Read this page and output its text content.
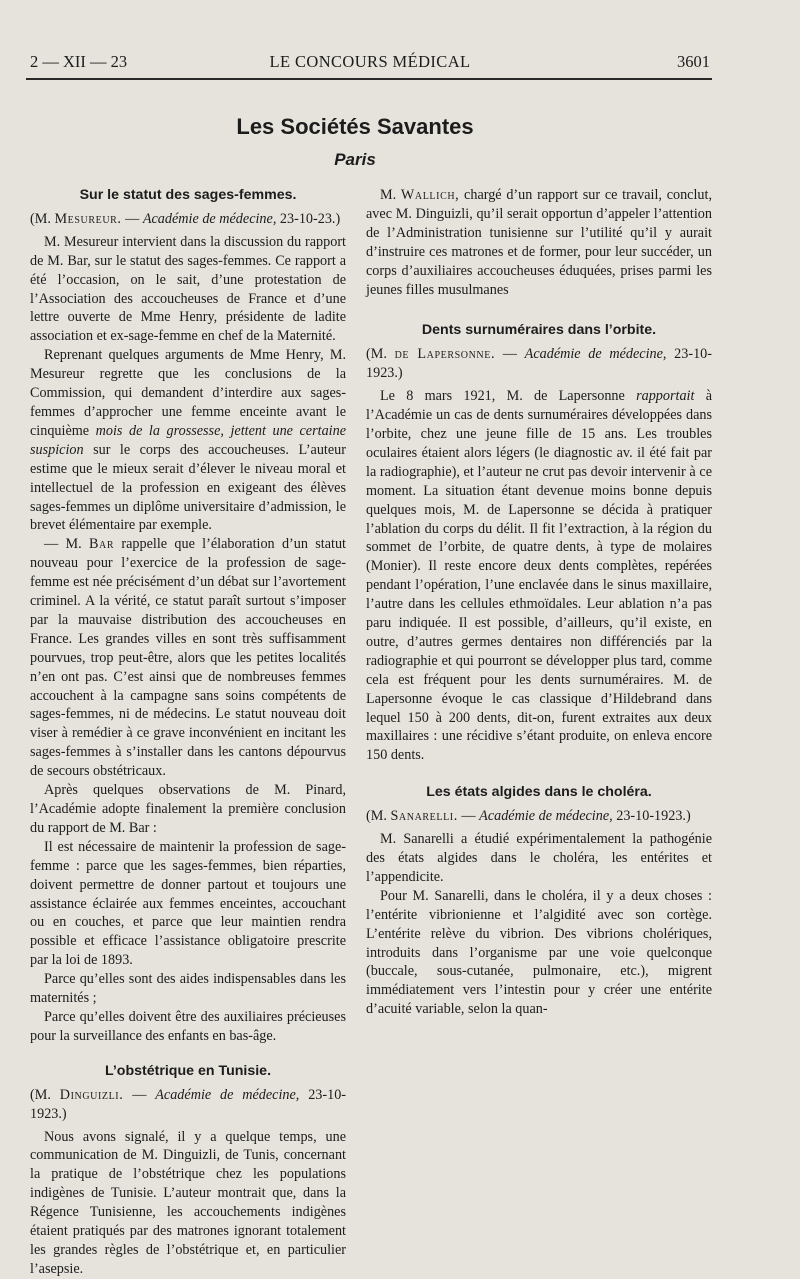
2 — XII — 23	LE CONCOURS MÉDICAL	3601
Les Sociétés Savantes
Paris
Sur le statut des sages-femmes.

(M. Mesureur. — Académie de médecine, 23-10-23.)

M. Mesureur intervient dans la discussion du rapport de M. Bar, sur le statut des sages-femmes. Ce rapport a été l’occasion, on le sait, d’une protestation de l’Association des accoucheuses de France et d’une lettre ouverte de Mme Henry, présidente de ladite association et ex-sage-femme en chef de la Maternité.

Reprenant quelques arguments de Mme Henry, M. Mesureur regrette que les conclusions de la Commission, qui demandent d’interdire aux sages-femmes d’approcher une femme enceinte avant le cinquième mois de la grossesse, jettent une certaine suspicion sur le corps des accoucheuses. L’auteur estime que le mieux serait d’élever le niveau moral et intellectuel de la profession en exigeant des élèves sages-femmes un diplôme universitaire d’admission, le brevet élémentaire par exemple.

— M. Bar rappelle que l’élaboration d’un statut nouveau pour l’exercice de la profession de sage-femme est née précisément d’un débat sur l’avortement criminel. A la vérité, ce statut paraît surtout s’imposer par la mauvaise distribution des accoucheuses en France. Les grandes villes en sont très suffisamment pourvues, trop peut-être, alors que les petites localités n’en ont pas. C’est ainsi que de nombreuses femmes accouchent à la campagne sans soins compétents de sages-femmes, ni de médecins. Le statut nouveau doit viser à remédier à ce grave inconvénient en incitant les sages-femmes à s’installer dans les cantons dépourvus de secours obstétricaux.

Après quelques observations de M. Pinard, l’Académie adopte finalement la première conclusion du rapport de M. Bar :

Il est nécessaire de maintenir la profession de sage-femme : parce que les sages-femmes, bien réparties, doivent permettre de donner partout et toujours une assistance éclairée aux femmes enceintes, accouchant ou en couches, et parce que leur maintien rendra possible et efficace l’assistance obligatoire prescrite par la loi de 1893.

Parce qu’elles sont des aides indispensables dans les maternités ;

Parce qu’elles doivent être des auxiliaires précieuses pour la surveillance des enfants en bas-âge.

L’obstétrique en Tunisie.

(M. Dinguizli. — Académie de médecine, 23-10-1923.)

Nous avons signalé, il y a quelque temps, une communication de M. Dinguizli, de Tunis, concernant la pratique de l’obstétrique chez les populations indigènes de Tunisie. L’auteur montrait que, dans la Régence Tunisienne, les accouchements indigènes étaient pratiqués par des matrones ignorant totalement les grandes règles de l’obstétrique et, en particulier l’asepsie.

M. Wallich, chargé d’un rapport sur ce travail, conclut, avec M. Dinguizli, qu’il serait opportun d’appeler l’attention de l’Administration tunisienne sur l’utilité qu’il y aurait d’instruire ces matrones et de former, pour leur succéder, un corps d’auxiliaires accoucheuses éduquées, prises parmi les jeunes filles musulmanes

Dents surnuméraires dans l’orbite.

(M. de Lapersonne. — Académie de médecine, 23-10-1923.)

Le 8 mars 1921, M. de Lapersonne rapportait à l’Académie un cas de dents surnuméraires développées dans l’orbite, chez une jeune fille de 15 ans. Les troubles oculaires étaient alors légers (le diagnostic av. il été fait par la radiographie), et l’auteur ne crut pas devoir intervenir à ce moment. La situation étant devenue moins bonne depuis quelques mois, M. de Lapersonne se décida à pratiquer l’ablation du corps du délit. Il fit l’extraction, à la région du sommet de l’orbite, de quatre dents, à type de molaires (Monier). Il reste encore deux dents complètes, repérées pendant l’opération, l’une enclavée dans le sinus maxillaire, l’autre dans les cellules ethmoïdales. Leur ablation n’a pas paru indiquée. Il est possible, d’ailleurs, qu’il existe, en outre, d’autres germes dentaires non différenciés par la radiographie et qui pourront se développer plus tard, comme cela est fréquent pour les dents surnuméraires. M. de Lapersonne évoque le cas classique d’Hildebrand dans lequel 150 à 200 dents, dit-on, furent extraites aux deux maxillaires : une récidive s’étant produite, on enleva encore 150 dents.

Les états algides dans le choléra.

(M. Sanarelli. — Académie de médecine, 23-10-1923.)

M. Sanarelli a étudié expérimentalement la pathogénie des états algides dans le choléra, les entérites et l’appendicite.

Pour M. Sanarelli, dans le choléra, il y a deux choses : l’entérite vibrionienne et l’algidité avec son cortège. L’entérite relève du vibrion. Des vibrions cholériques, introduits dans l’organisme par une voie quelconque (buccale, sous-cutanée, pulmonaire, etc.), migrent immédiatement vers l’intestin pour y créer une entérite d’acuité variable, selon la quan-
